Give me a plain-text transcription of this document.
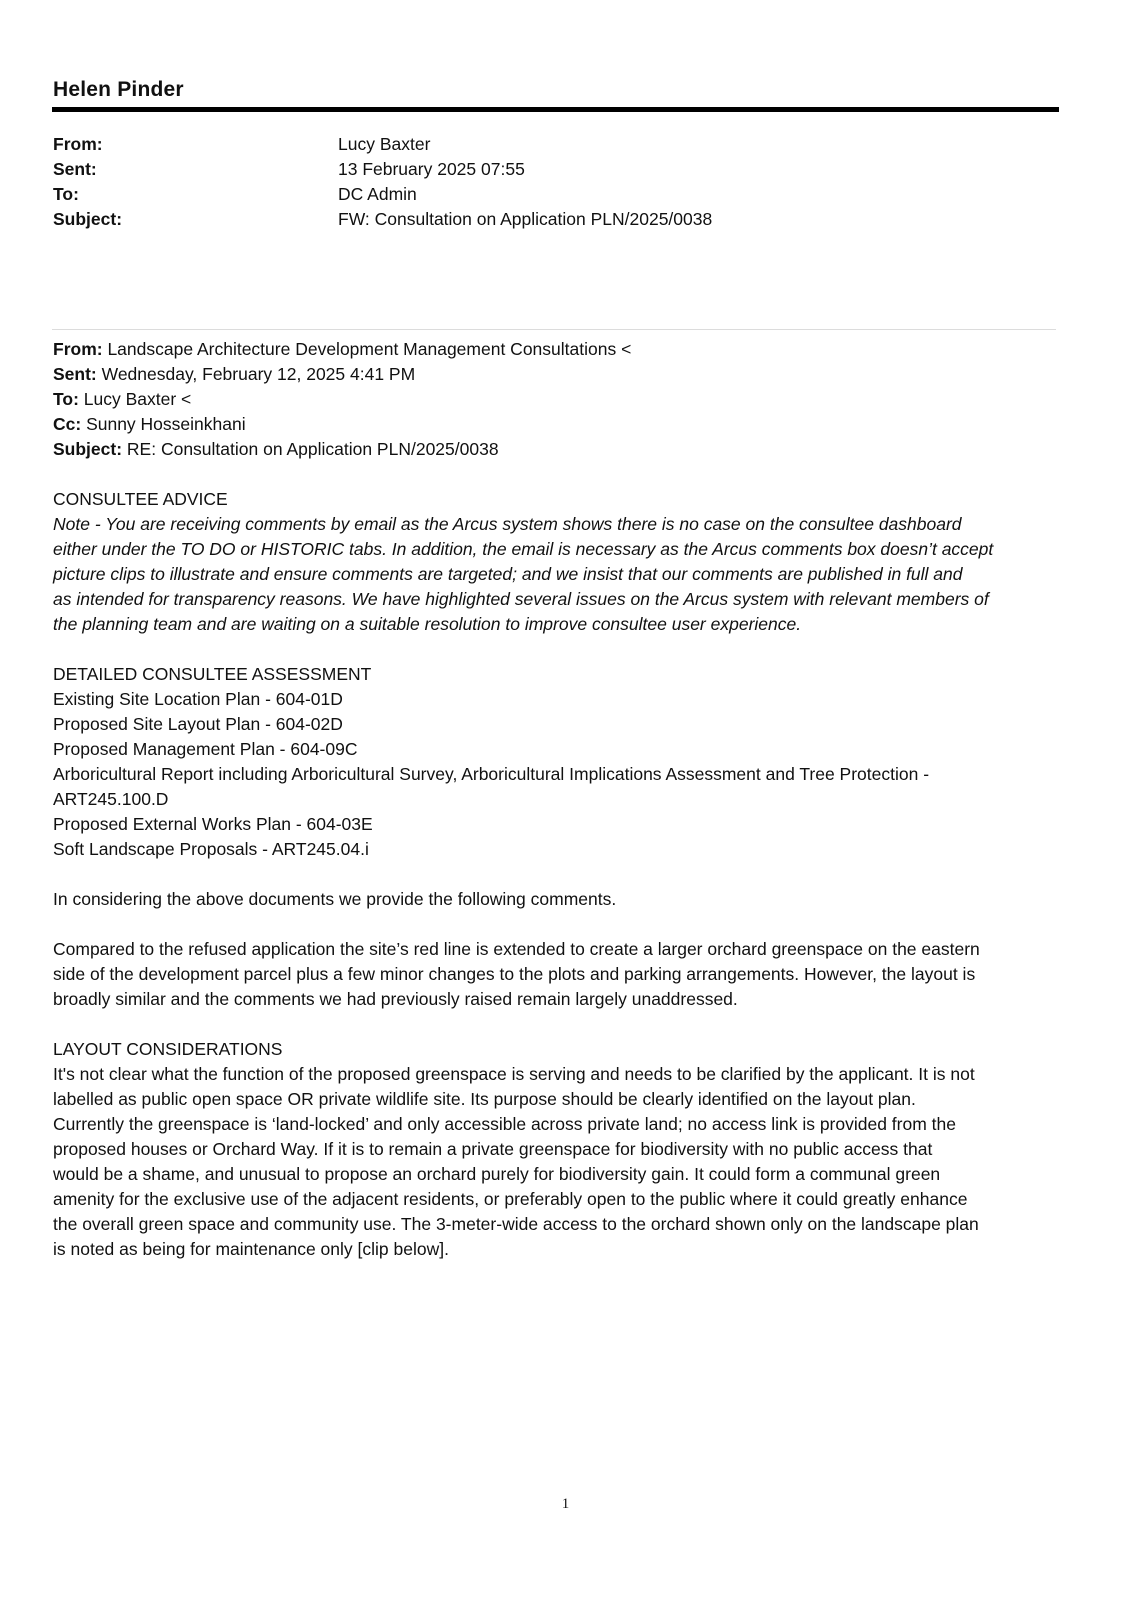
Helen Pinder
From:	Lucy Baxter
Sent:	13 February 2025 07:55
To:	DC Admin
Subject:	FW: Consultation on Application PLN/2025/0038

From: Landscape Architecture Development Management Consultations <

Sent: Wednesday, February 12, 2025 4:41 PM

To: Lucy Baxter <

Cc: Sunny Hosseinkhani

Subject: RE: Consultation on Application PLN/2025/0038

CONSULTEE ADVICE

Note - You are receiving comments by email as the Arcus system shows there is no case on the consultee dashboard

either under the TO DO or HISTORIC tabs. In addition, the email is necessary as the Arcus comments box doesn’t accept

picture clips to illustrate and ensure comments are targeted; and we insist that our comments are published in full and

as intended for transparency reasons. We have highlighted several issues on the Arcus system with relevant members of

the planning team and are waiting on a suitable resolution to improve consultee user experience.

DETAILED CONSULTEE ASSESSMENT

Existing Site Location Plan - 604-01D

Proposed Site Layout Plan - 604-02D

Proposed Management Plan - 604-09C

Arboricultural Report including Arboricultural Survey, Arboricultural Implications Assessment and Tree Protection -

ART245.100.D

Proposed External Works Plan - 604-03E

Soft Landscape Proposals - ART245.04.i

In considering the above documents we provide the following comments.

Compared to the refused application the site’s red line is extended to create a larger orchard greenspace on the eastern

side of the development parcel plus a few minor changes to the plots and parking arrangements. However, the layout is

broadly similar and the comments we had previously raised remain largely unaddressed.

LAYOUT CONSIDERATIONS

It's not clear what the function of the proposed greenspace is serving and needs to be clarified by the applicant. It is not

labelled as public open space OR private wildlife site. Its purpose should be clearly identified on the layout plan.

Currently the greenspace is ‘land-locked’ and only accessible across private land; no access link is provided from the

proposed houses or Orchard Way. If it is to remain a private greenspace for biodiversity with no public access that

would be a shame, and unusual to propose an orchard purely for biodiversity gain. It could form a communal green

amenity for the exclusive use of the adjacent residents, or preferably open to the public where it could greatly enhance

the overall green space and community use. The 3-meter-wide access to the orchard shown only on the landscape plan

is noted as being for maintenance only [clip below].

1
